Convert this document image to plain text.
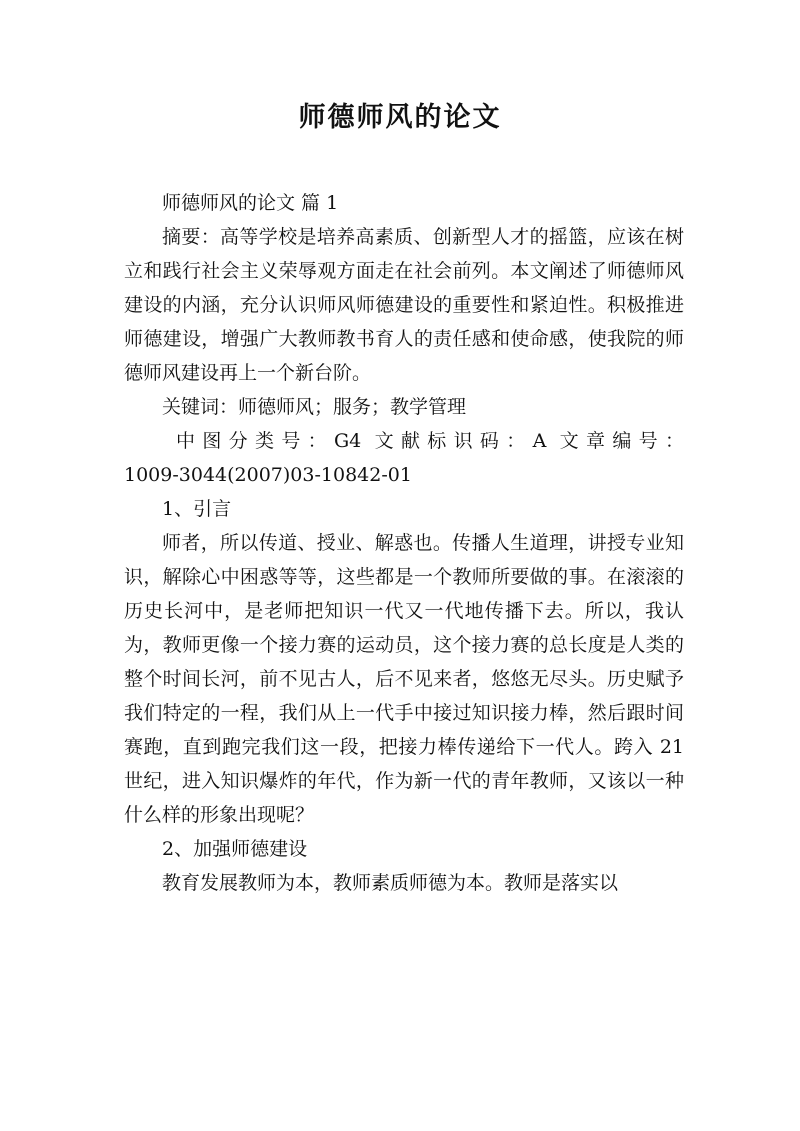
师德师风的论文

师德师风的论文 篇 1

摘要：高等学校是培养高素质、创新型人才的摇篮，应该在树立和践行社会主义荣辱观方面走在社会前列。本文阐述了师德师风建设的内涵，充分认识师风师德建设的重要性和紧迫性。积极推进师德建设，增强广大教师教书育人的责任感和使命感，使我院的师德师风建设再上一个新台阶。

关键词：师德师风；服务；教学管理

中图分类号：G4 文献标识码：A 文章编号：
1009-3044(2007)03-10842-01

1、引言

师者，所以传道、授业、解惑也。传播人生道理，讲授专业知识，解除心中困惑等等，这些都是一个教师所要做的事。在滚滚的历史长河中，是老师把知识一代又一代地传播下去。所以，我认为，教师更像一个接力赛的运动员，这个接力赛的总长度是人类的整个时间长河，前不见古人，后不见来者，悠悠无尽头。历史赋予我们特定的一程，我们从上一代手中接过知识接力棒，然后跟时间赛跑，直到跑完我们这一段，把接力棒传递给下一代人。跨入 21 世纪，进入知识爆炸的年代，作为新一代的青年教师，又该以一种什么样的形象出现呢？

2、加强师德建设

教育发展教师为本，教师素质师德为本。教师是落实以
